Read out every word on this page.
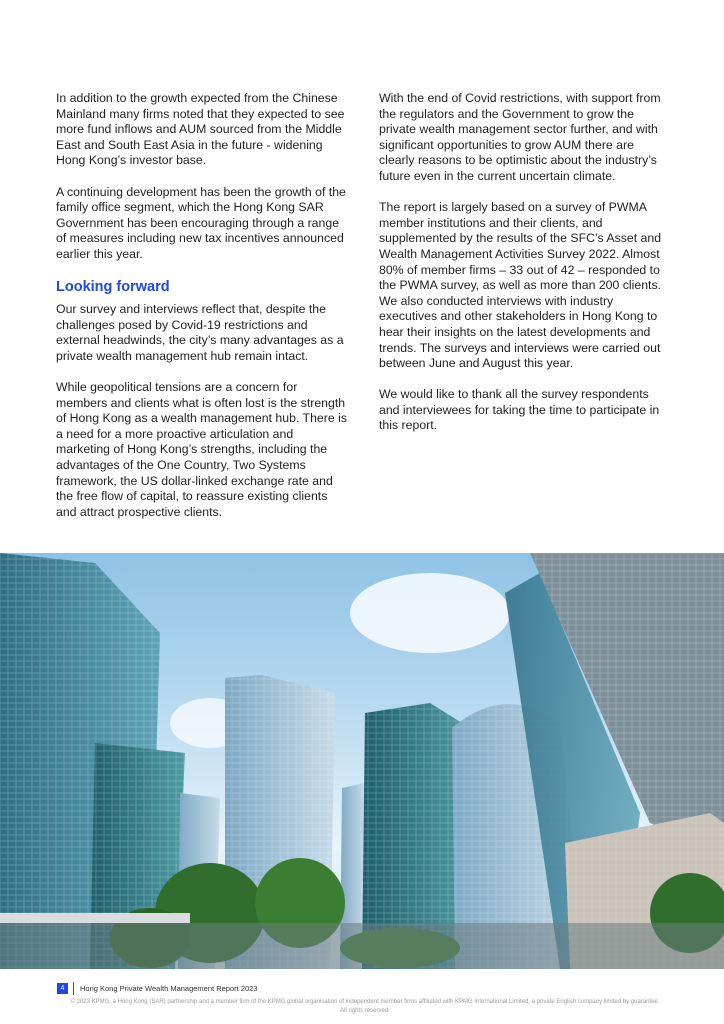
In addition to the growth expected from the Chinese Mainland many firms noted that they expected to see more fund inflows and AUM sourced from the Middle East and South East Asia in the future - widening Hong Kong’s investor base.

A continuing development has been the growth of the family office segment, which the Hong Kong SAR Government has been encouraging through a range of measures including new tax incentives announced earlier this year.

Looking forward

Our survey and interviews reflect that, despite the challenges posed by Covid-19 restrictions and external headwinds, the city’s many advantages as a private wealth management hub remain intact.

While geopolitical tensions are a concern for members and clients what is often lost is the strength of Hong Kong as a wealth management hub. There is a need for a more proactive articulation and marketing of Hong Kong’s strengths, including the advantages of the One Country, Two Systems framework, the US dollar-linked exchange rate and the free flow of capital, to reassure existing clients and attract prospective clients.

With the end of Covid restrictions, with support from the regulators and the Government to grow the private wealth management sector further, and with significant opportunities to grow AUM there are clearly reasons to be optimistic about the industry’s future even in the current uncertain climate.

The report is largely based on a survey of PWMA member institutions and their clients, and supplemented by the results of the SFC’s Asset and Wealth Management Activities Survey 2022. Almost 80% of member firms – 33 out of 42 – responded to the PWMA survey, as well as more than 200 clients. We also conducted interviews with industry executives and other stakeholders in Hong Kong to hear their insights on the latest developments and trends. The surveys and interviews were carried out between June and August this year.

We would like to thank all the survey respondents and interviewees for taking the time to participate in this report.

4	Hong Kong Private Wealth Management Report 2023
© 2023 KPMG, a Hong Kong (SAR) partnership and a member firm of the KPMG global organisation of independent member firms affiliated with KPMG International Limited, a private English company limited by guarantee. All rights reserved.
